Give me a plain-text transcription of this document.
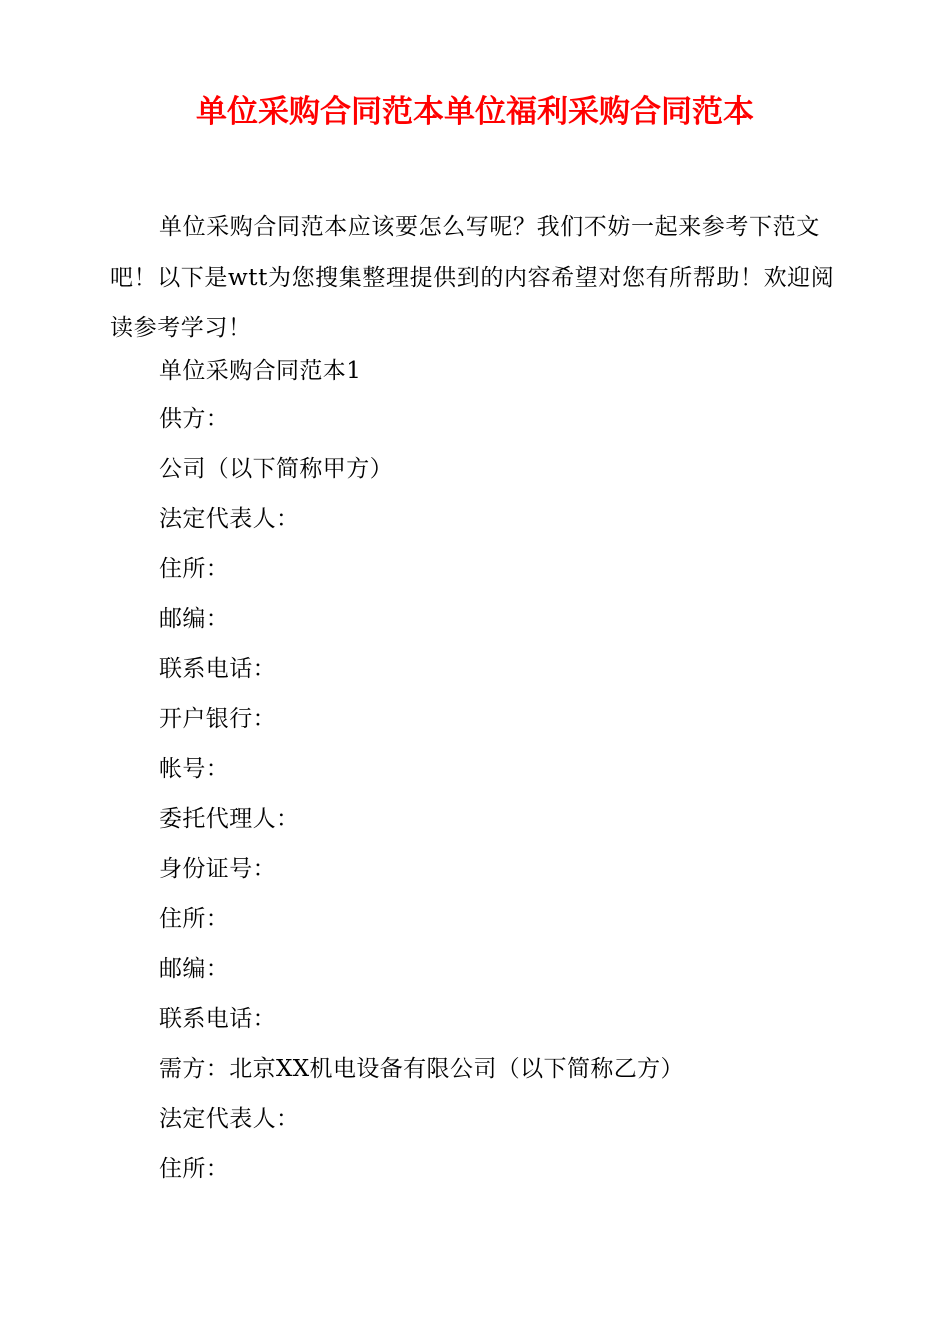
单位采购合同范本单位福利采购合同范本

单位采购合同范本应该要怎么写呢？我们不妨一起来参考下范文吧！以下是wtt为您搜集整理提供到的内容希望对您有所帮助！欢迎阅读参考学习！

单位采购合同范本1
供方：
公司（以下简称甲方）
法定代表人：
住所：
邮编：
联系电话：
开户银行：
帐号：
委托代理人：
身份证号：
住所：
邮编：
联系电话：
需方：北京XX机电设备有限公司（以下简称乙方）
法定代表人：
住所：
